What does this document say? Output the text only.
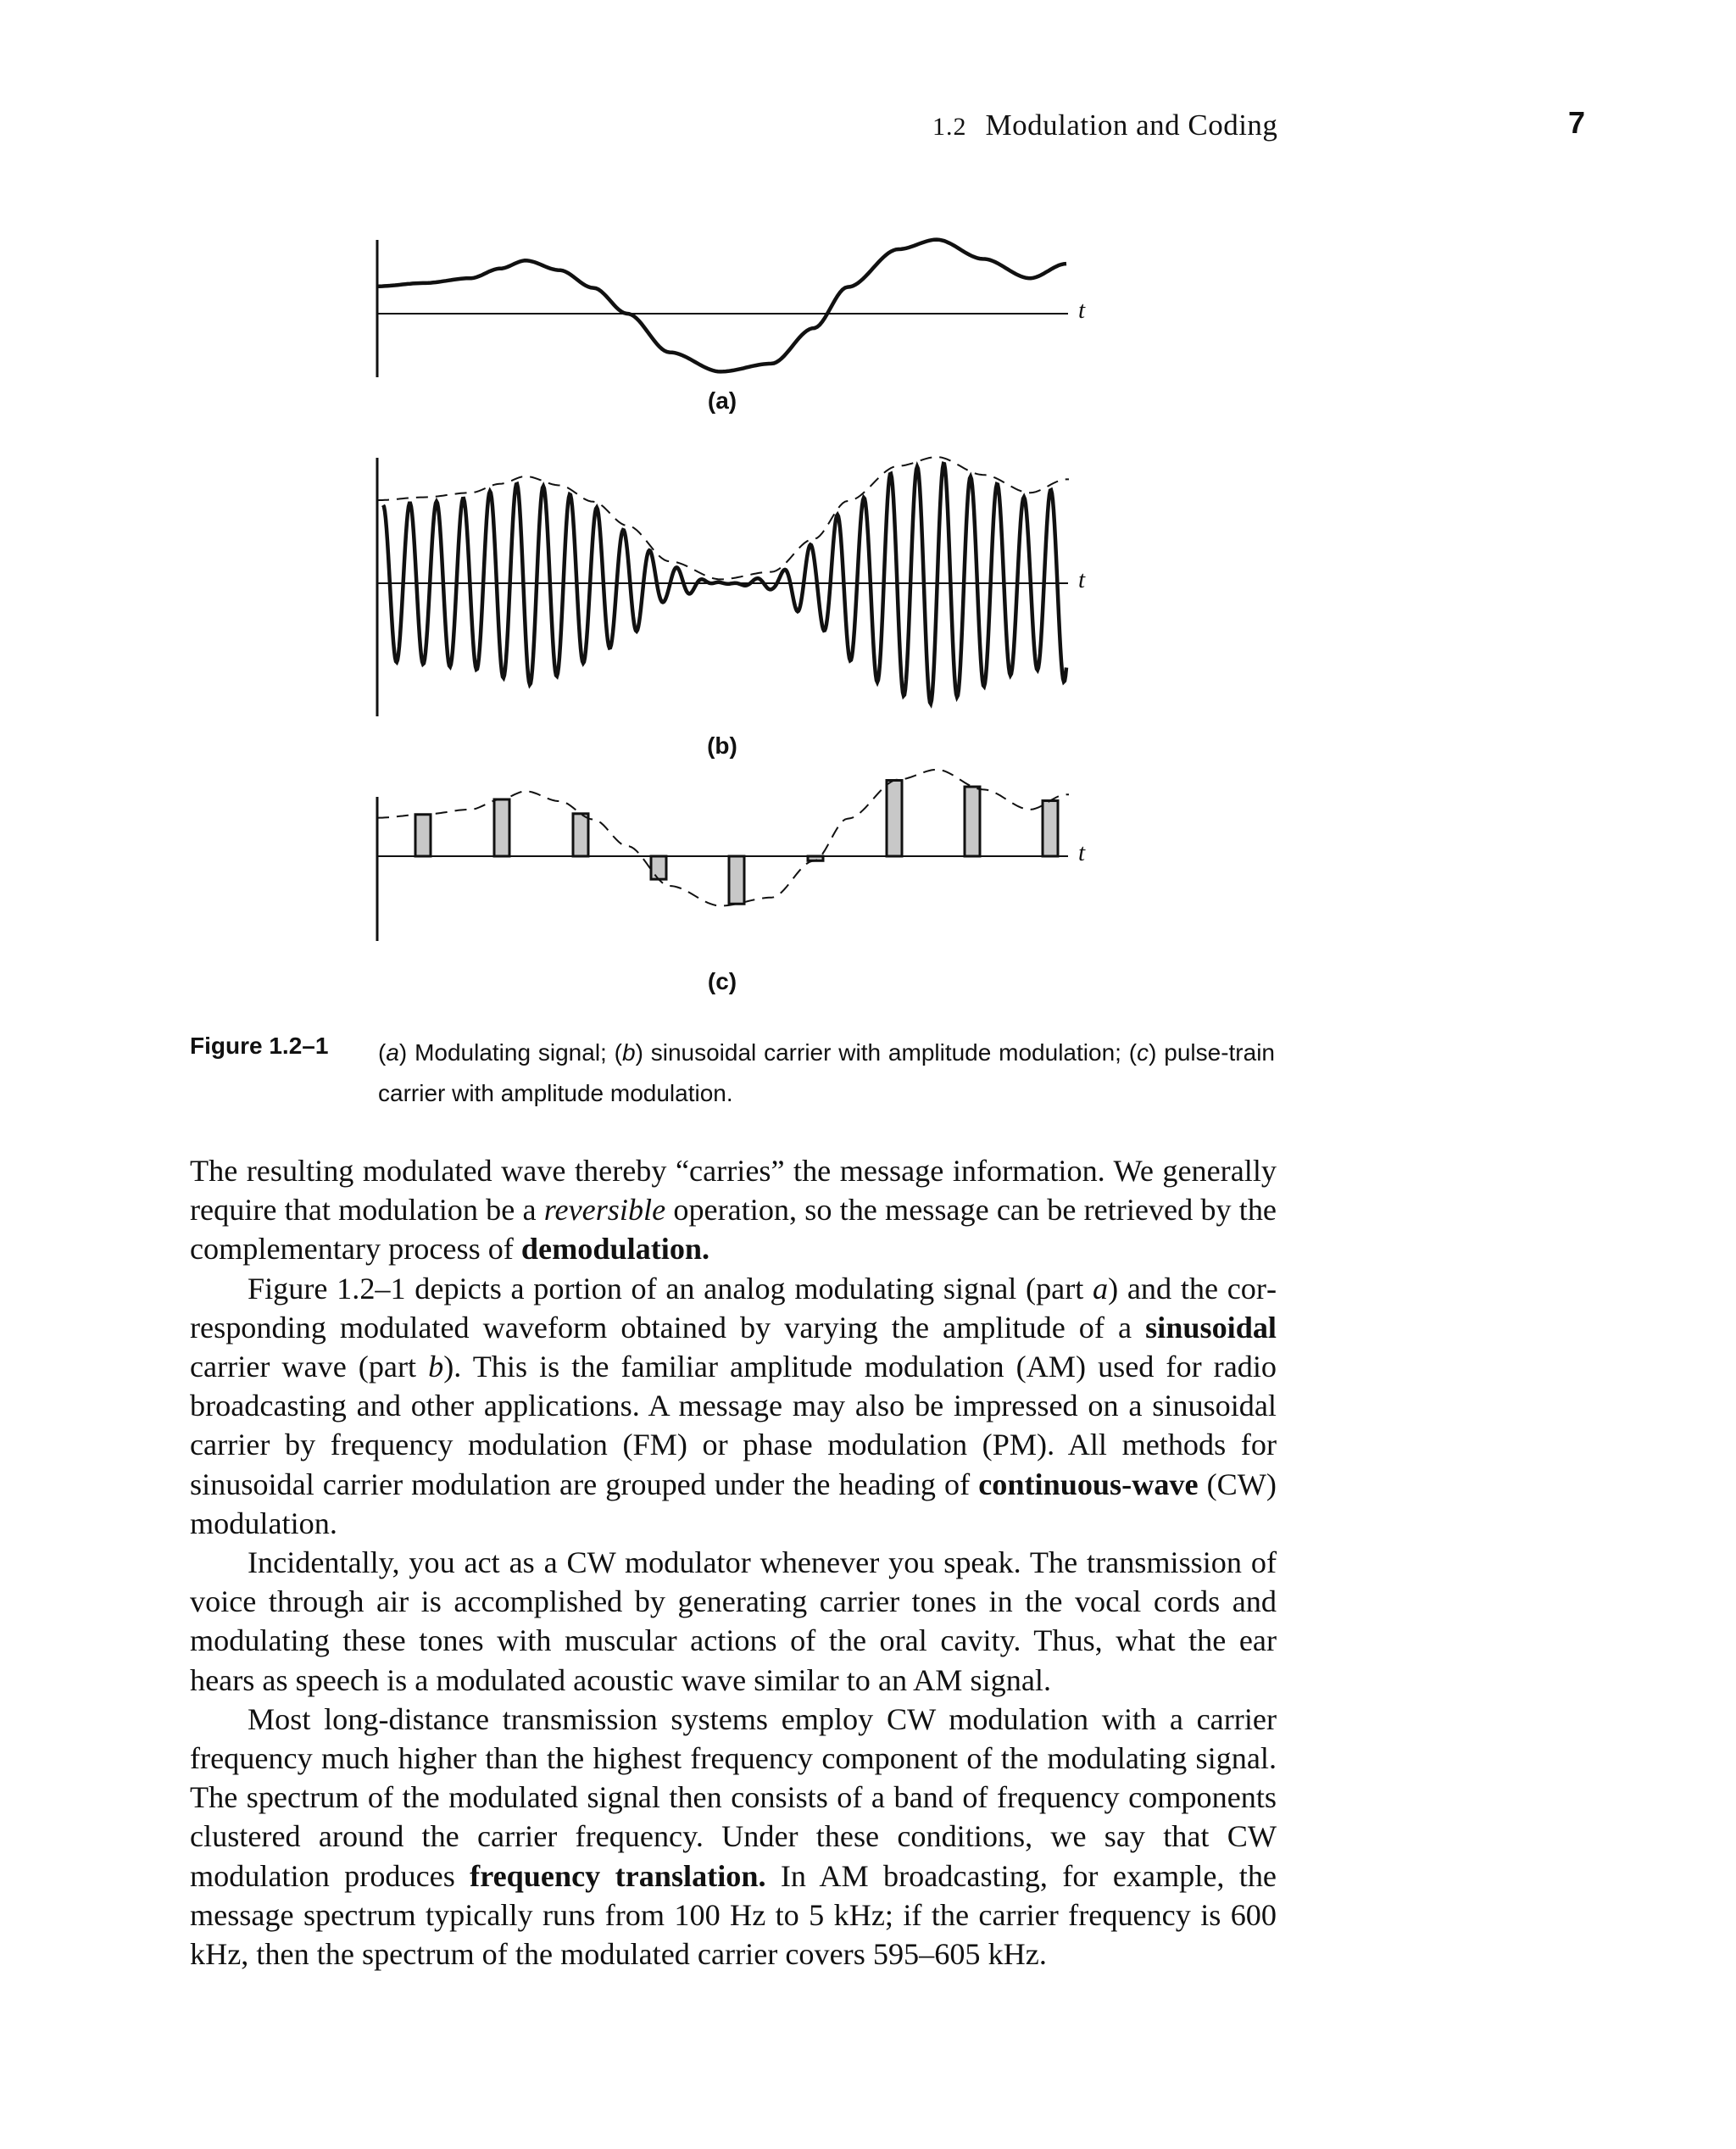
1.2 Modulation and Coding	7
t
t
t
(a)
(b)
(c)
Figure 1.2–1 (a) Modulating signal; (b) sinusoidal carrier with amplitude modulation; (c) pulse-train carrier with amplitude modulation.

The resulting modulated wave thereby “carries” the message information. We generally require that modulation be a reversible operation, so the message can be retrieved by the complementary process of demodulation.

Figure 1.2–1 depicts a portion of an analog modulating signal (part a) and the corresponding modulated waveform obtained by varying the amplitude of a sinusoidal carrier wave (part b). This is the familiar amplitude modulation (AM) used for radio broadcasting and other applications. A message may also be impressed on a sinusoidal carrier by frequency modulation (FM) or phase modulation (PM). All methods for sinusoidal carrier modulation are grouped under the heading of continuous-wave (CW) modulation.

Incidentally, you act as a CW modulator whenever you speak. The transmission of voice through air is accomplished by generating carrier tones in the vocal cords and modulating these tones with muscular actions of the oral cavity. Thus, what the ear hears as speech is a modulated acoustic wave similar to an AM signal.

Most long-distance transmission systems employ CW modulation with a carrier frequency much higher than the highest frequency component of the modulating signal. The spectrum of the modulated signal then consists of a band of frequency components clustered around the carrier frequency. Under these conditions, we say that CW modulation produces frequency translation. In AM broadcasting, for example, the message spectrum typically runs from 100 Hz to 5 kHz; if the carrier frequency is 600 kHz, then the spectrum of the modulated carrier covers 595–605 kHz.
